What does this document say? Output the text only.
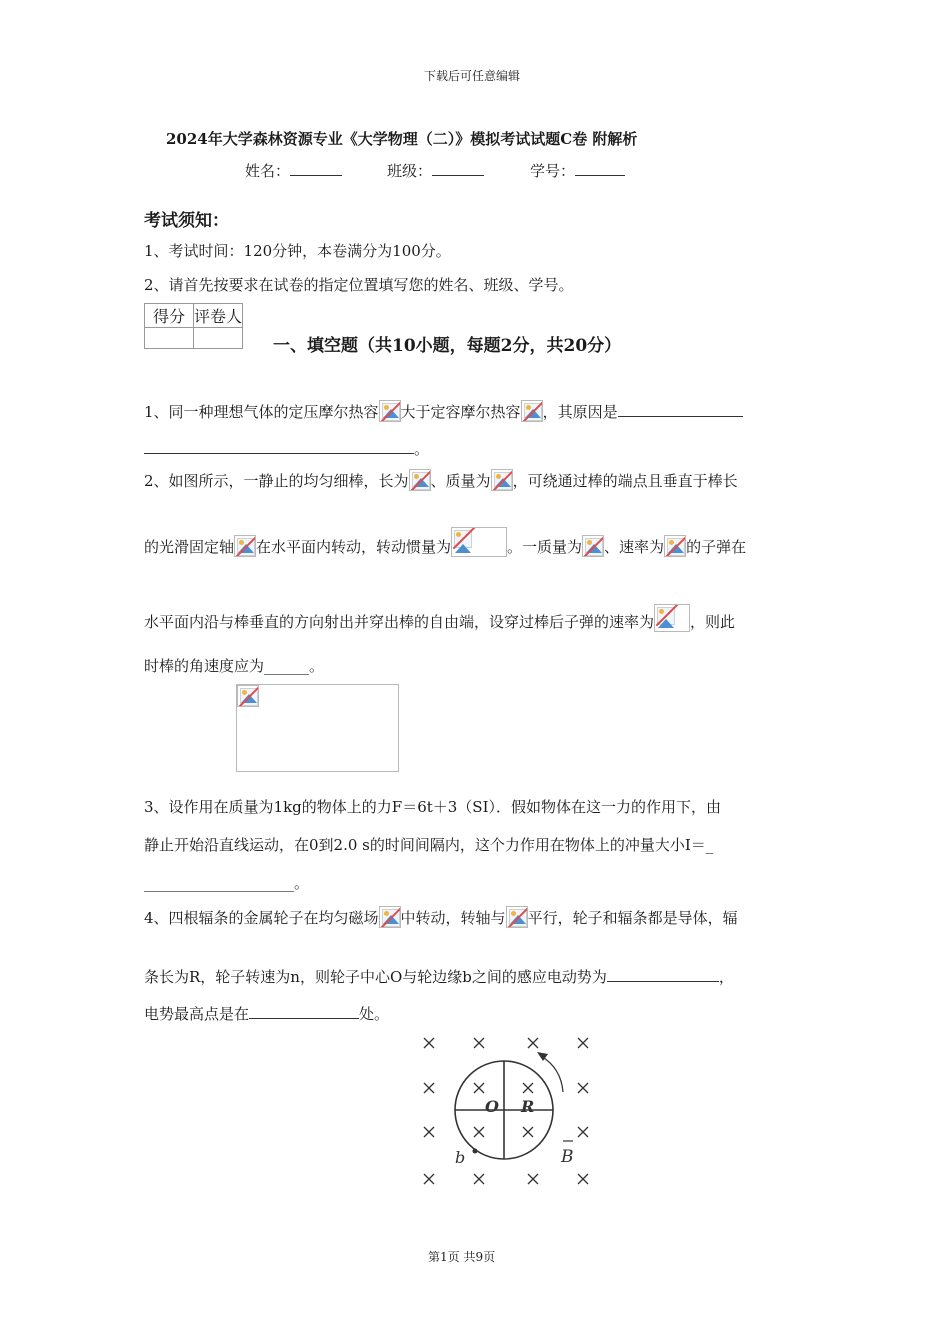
下载后可任意编辑
2024年大学森林资源专业《大学物理（二）》模拟考试试题C卷 附解析
姓名：	班级：	学号：
考试须知：
1、考试时间：120分钟，本卷满分为100分。
2、请首先按要求在试卷的指定位置填写您的姓名、班级、学号。
得分	评卷人

一、填空题（共10小题，每题2分，共20分）
1、同一种理想气体的定压摩尔热容 大于定容摩尔热容 ，其原因是
。
2、如图所示，一静止的均匀细棒，长为 、质量为 ，可绕通过棒的端点且垂直于棒长
的光滑固定轴 在水平面内转动，转动惯量为	。一质量为 、速率为 的子弹在
水平面内沿与棒垂直的方向射出并穿出棒的自由端，设穿过棒后子弹的速率为 ，则此
时棒的角速度应为______。
3、设作用在质量为1kg的物体上的力F＝6t＋3（SI）．假如物体在这一力的作用下，由
静止开始沿直线运动，在0到2.0 s的时间间隔内，这个力作用在物体上的冲量大小I＝_
____________________。
4、四根辐条的金属轮子在均匀磁场 中转动，转轴与 平行，轮子和辐条都是导体，辐
条长为R，轮子转速为n，则轮子中心O与轮边缘b之间的感应电动势为	，
电势最高点是在	处。
O R
b	B
第1页 共9页
